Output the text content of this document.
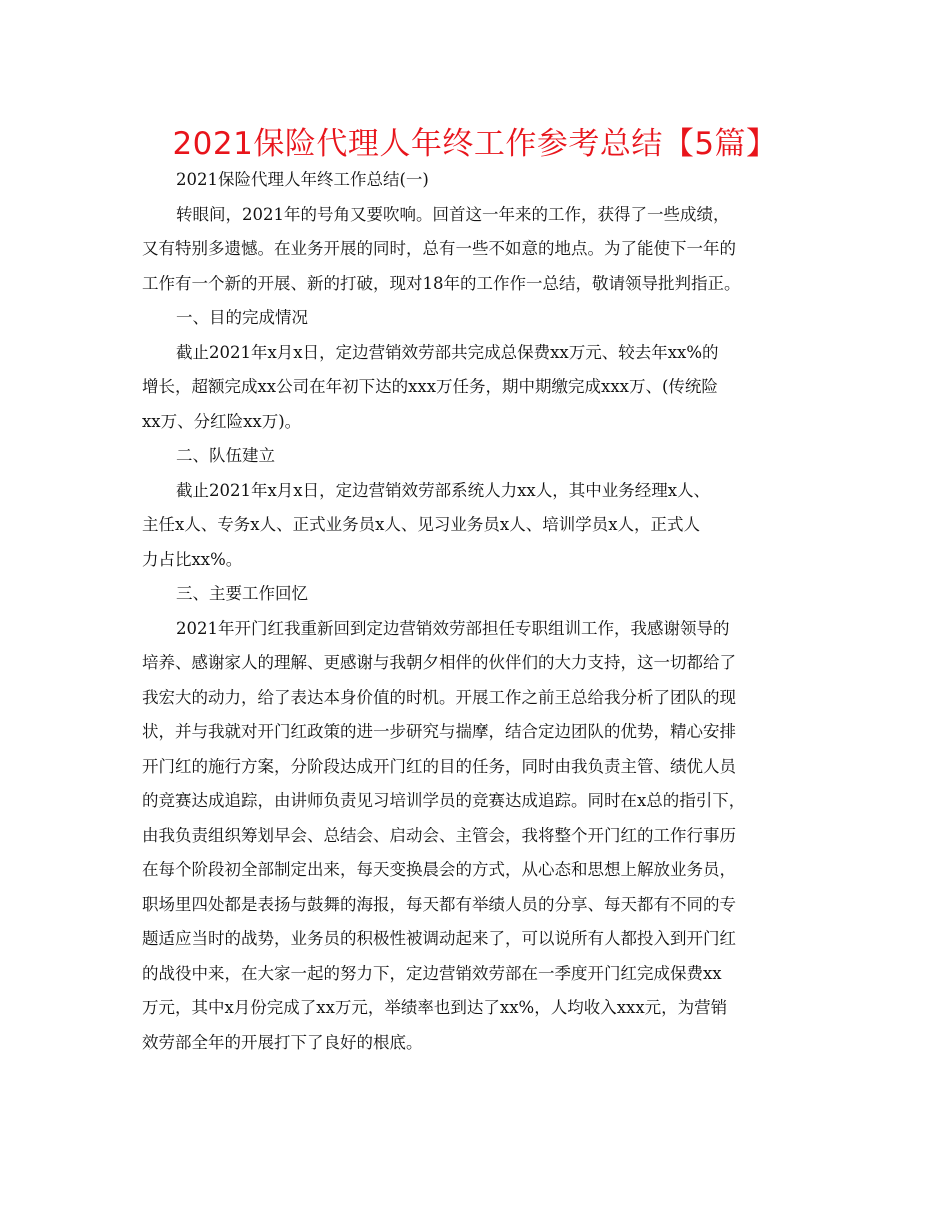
2021保险代理人年终工作参考总结【5篇】
2021保险代理人年终工作总结(一)
转眼间，2021年的号角又要吹响。回首这一年来的工作，获得了一些成绩，
又有特别多遗憾。在业务开展的同时，总有一些不如意的地点。为了能使下一年的
工作有一个新的开展、新的打破，现对18年的工作作一总结，敬请领导批判指正。
一、目的完成情况
截止2021年x月x日，定边营销效劳部共完成总保费xx万元、较去年xx%的
增长，超额完成xx公司在年初下达的xxx万任务，期中期缴完成xxx万、(传统险
xx万、分红险xx万)。
二、队伍建立
截止2021年x月x日，定边营销效劳部系统人力xx人，其中业务经理x人、
主任x人、专务x人、正式业务员x人、见习业务员x人、培训学员x人，正式人
力占比xx%。
三、主要工作回忆
2021年开门红我重新回到定边营销效劳部担任专职组训工作，我感谢领导的
培养、感谢家人的理解、更感谢与我朝夕相伴的伙伴们的大力支持，这一切都给了
我宏大的动力，给了表达本身价值的时机。开展工作之前王总给我分析了团队的现
状，并与我就对开门红政策的进一步研究与揣摩，结合定边团队的优势，精心安排
开门红的施行方案，分阶段达成开门红的目的任务，同时由我负责主管、绩优人员
的竞赛达成追踪，由讲师负责见习培训学员的竞赛达成追踪。同时在x总的指引下，
由我负责组织筹划早会、总结会、启动会、主管会，我将整个开门红的工作行事历
在每个阶段初全部制定出来，每天变换晨会的方式，从心态和思想上解放业务员，
职场里四处都是表扬与鼓舞的海报，每天都有举绩人员的分享、每天都有不同的专
题适应当时的战势，业务员的积极性被调动起来了，可以说所有人都投入到开门红
的战役中来，在大家一起的努力下，定边营销效劳部在一季度开门红完成保费xx
万元，其中x月份完成了xx万元，举绩率也到达了xx%，人均收入xxx元，为营销
效劳部全年的开展打下了良好的根底。
